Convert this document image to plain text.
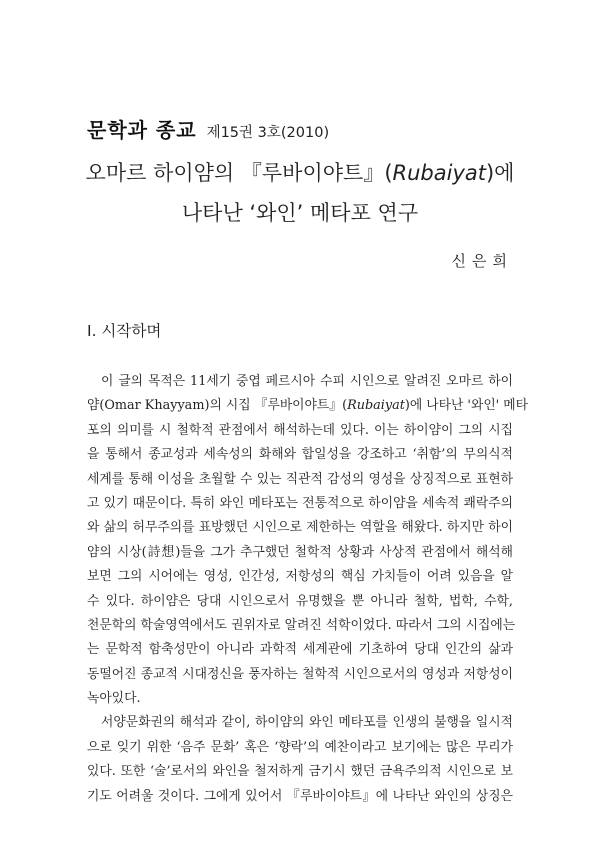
문학과 종교 제15권 3호(2010)
오마르 하이얌의 『루바이야트』(Rubaiyat)에
나타난 ‘와인’ 메타포 연구
신은희
I. 시작하며
이 글의 목적은 11세기 중엽 페르시아 수피 시인으로 알려진 오마르 하이
얌(Omar Khayyam)의 시집 『루바이야트』(Rubaiyat)에 나타난 '와인' 메타
포의 의미를 시 철학적 관점에서 해석하는데 있다. 이는 하이얌이 그의 시집
을 통해서 종교성과 세속성의 화해와 합일성을 강조하고 ‘취함’의 무의식적
세계를 통해 이성을 초월할 수 있는 직관적 감성의 영성을 상징적으로 표현하
고 있기 때문이다. 특히 와인 메타포는 전통적으로 하이얌을 세속적 쾌락주의
와 삶의 허무주의를 표방했던 시인으로 제한하는 역할을 해왔다. 하지만 하이
얌의 시상(詩想)들을 그가 추구했던 철학적 상황과 사상적 관점에서 해석해
보면 그의 시어에는 영성, 인간성, 저항성의 핵심 가치들이 어려 있음을 알
수 있다. 하이얌은 당대 시인으로서 유명했을 뿐 아니라 철학, 법학, 수학,
천문학의 학술영역에서도 권위자로 알려진 석학이었다. 따라서 그의 시집에는
는 문학적 함축성만이 아니라 과학적 세계관에 기초하여 당대 인간의 삶과
동떨어진 종교적 시대정신을 풍자하는 철학적 시인으로서의 영성과 저항성이
녹아있다.
서양문화권의 해석과 같이, 하이얌의 와인 메타포를 인생의 불행을 일시적
으로 잊기 위한 ‘음주 문화’ 혹은 ‘향락’의 예찬이라고 보기에는 많은 무리가
있다. 또한 ‘술’로서의 와인을 철저하게 금기시 했던 금욕주의적 시인으로 보
기도 어려울 것이다. 그에게 있어서 『루바이야트』에 나타난 와인의 상징은
